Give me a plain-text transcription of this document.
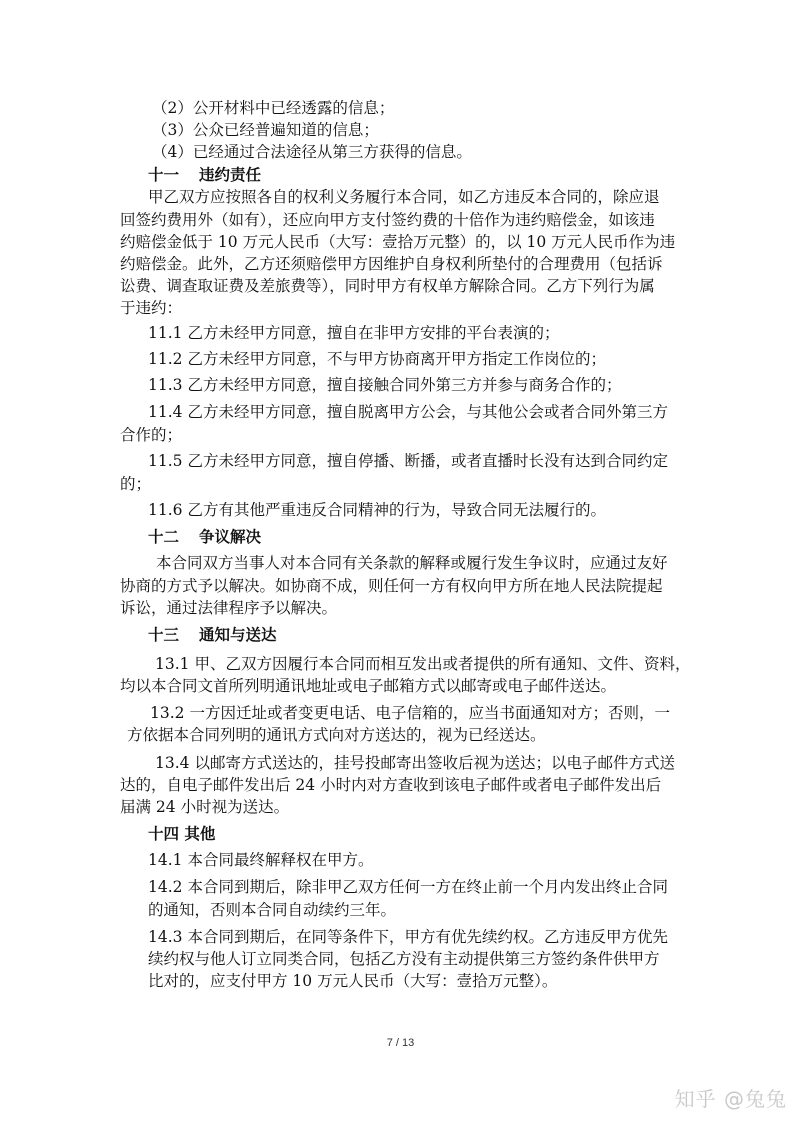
（2）公开材料中已经透露的信息；

（3）公众已经普遍知道的信息；

（4）已经通过合法途径从第三方获得的信息。

十一 违约责任

甲乙双方应按照各自的权利义务履行本合同，如乙方违反本合同的，除应退

回签约费用外（如有），还应向甲方支付签约费的十倍作为违约赔偿金，如该违

约赔偿金低于 10 万元人民币（大写：壹拾万元整）的，以 10 万元人民币作为违

约赔偿金。此外，乙方还须赔偿甲方因维护自身权利所垫付的合理费用（包括诉

讼费、调查取证费及差旅费等），同时甲方有权单方解除合同。乙方下列行为属

于违约：

11.1 乙方未经甲方同意，擅自在非甲方安排的平台表演的；

11.2 乙方未经甲方同意，不与甲方协商离开甲方指定工作岗位的；

11.3 乙方未经甲方同意，擅自接触合同外第三方并参与商务合作的；

11.4 乙方未经甲方同意，擅自脱离甲方公会，与其他公会或者合同外第三方

合作的；

11.5 乙方未经甲方同意，擅自停播、断播，或者直播时长没有达到合同约定

的；

11.6 乙方有其他严重违反合同精神的行为，导致合同无法履行的。

十二 争议解决

本合同双方当事人对本合同有关条款的解释或履行发生争议时，应通过友好

协商的方式予以解决。如协商不成，则任何一方有权向甲方所在地人民法院提起

诉讼，通过法律程序予以解决。

十三 通知与送达

13.1 甲、乙双方因履行本合同而相互发出或者提供的所有通知、文件、资料，

均以本合同文首所列明通讯地址或电子邮箱方式以邮寄或电子邮件送达。

13.2 一方因迁址或者变更电话、电子信箱的，应当书面通知对方；否则，一

方依据本合同列明的通讯方式向对方送达的，视为已经送达。

13.4 以邮寄方式送达的，挂号投邮寄出签收后视为送达；以电子邮件方式送

达的，自电子邮件发出后 24 小时内对方查收到该电子邮件或者电子邮件发出后

届满 24 小时视为送达。

十四 其他

14.1 本合同最终解释权在甲方。

14.2 本合同到期后，除非甲乙双方任何一方在终止前一个月内发出终止合同

的通知，否则本合同自动续约三年。

14.3 本合同到期后，在同等条件下，甲方有优先续约权。乙方违反甲方优先

续约权与他人订立同类合同，包括乙方没有主动提供第三方签约条件供甲方

比对的，应支付甲方 10 万元人民币（大写：壹拾万元整）。

7 / 13
知乎 @兔兔
